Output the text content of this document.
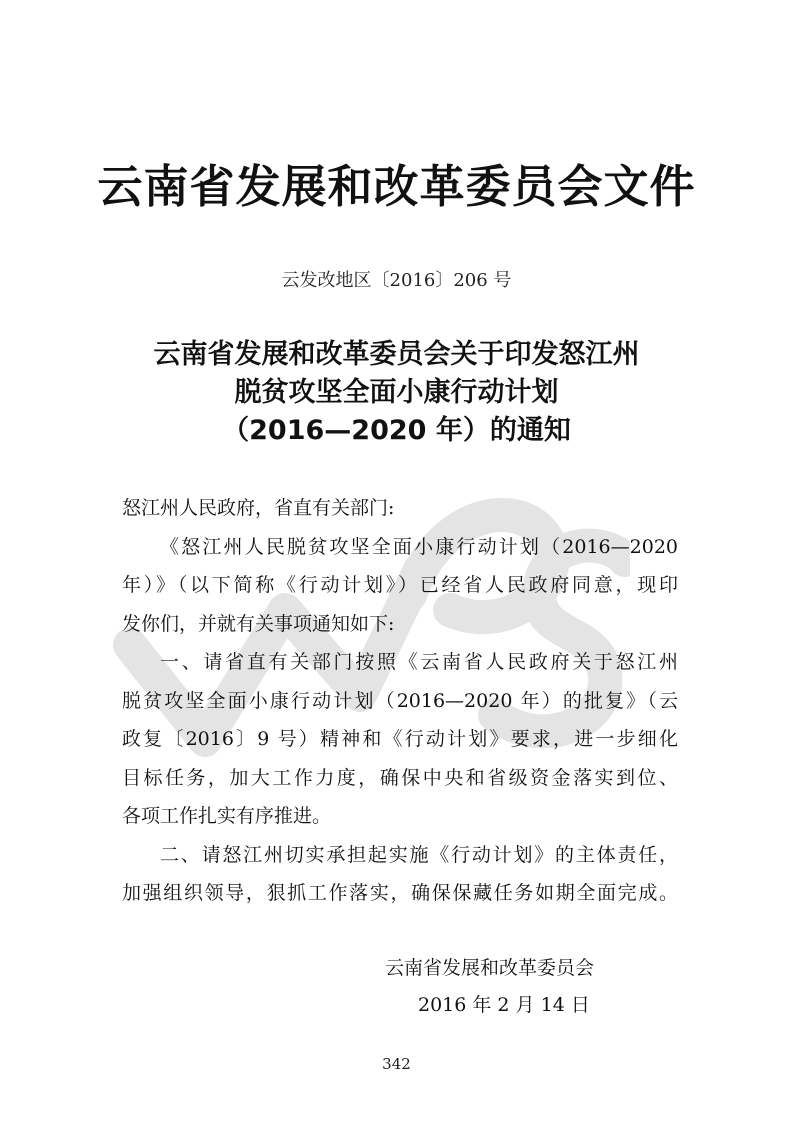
云南省发展和改革委员会文件
云发改地区〔2016〕206 号
云南省发展和改革委员会关于印发怒江州
脱贫攻坚全面小康行动计划
（2016—2020 年）的通知
怒江州人民政府，省直有关部门:
《怒江州人民脱贫攻坚全面小康行动计划（2016—2020
年）》（以下简称《行动计划》）已经省人民政府同意，现印
发你们，并就有关事项通知如下:
一、请省直有关部门按照《云南省人民政府关于怒江州
脱贫攻坚全面小康行动计划（2016—2020 年）的批复》（云
政复〔2016〕9 号）精神和《行动计划》要求，进一步细化
目标任务，加大工作力度，确保中央和省级资金落实到位、
各项工作扎实有序推进。
二、请怒江州切实承担起实施《行动计划》的主体责任，
加强组织领导，狠抓工作落实，确保保藏任务如期全面完成。
云南省发展和改革委员会
2016 年 2 月 14 日
342
